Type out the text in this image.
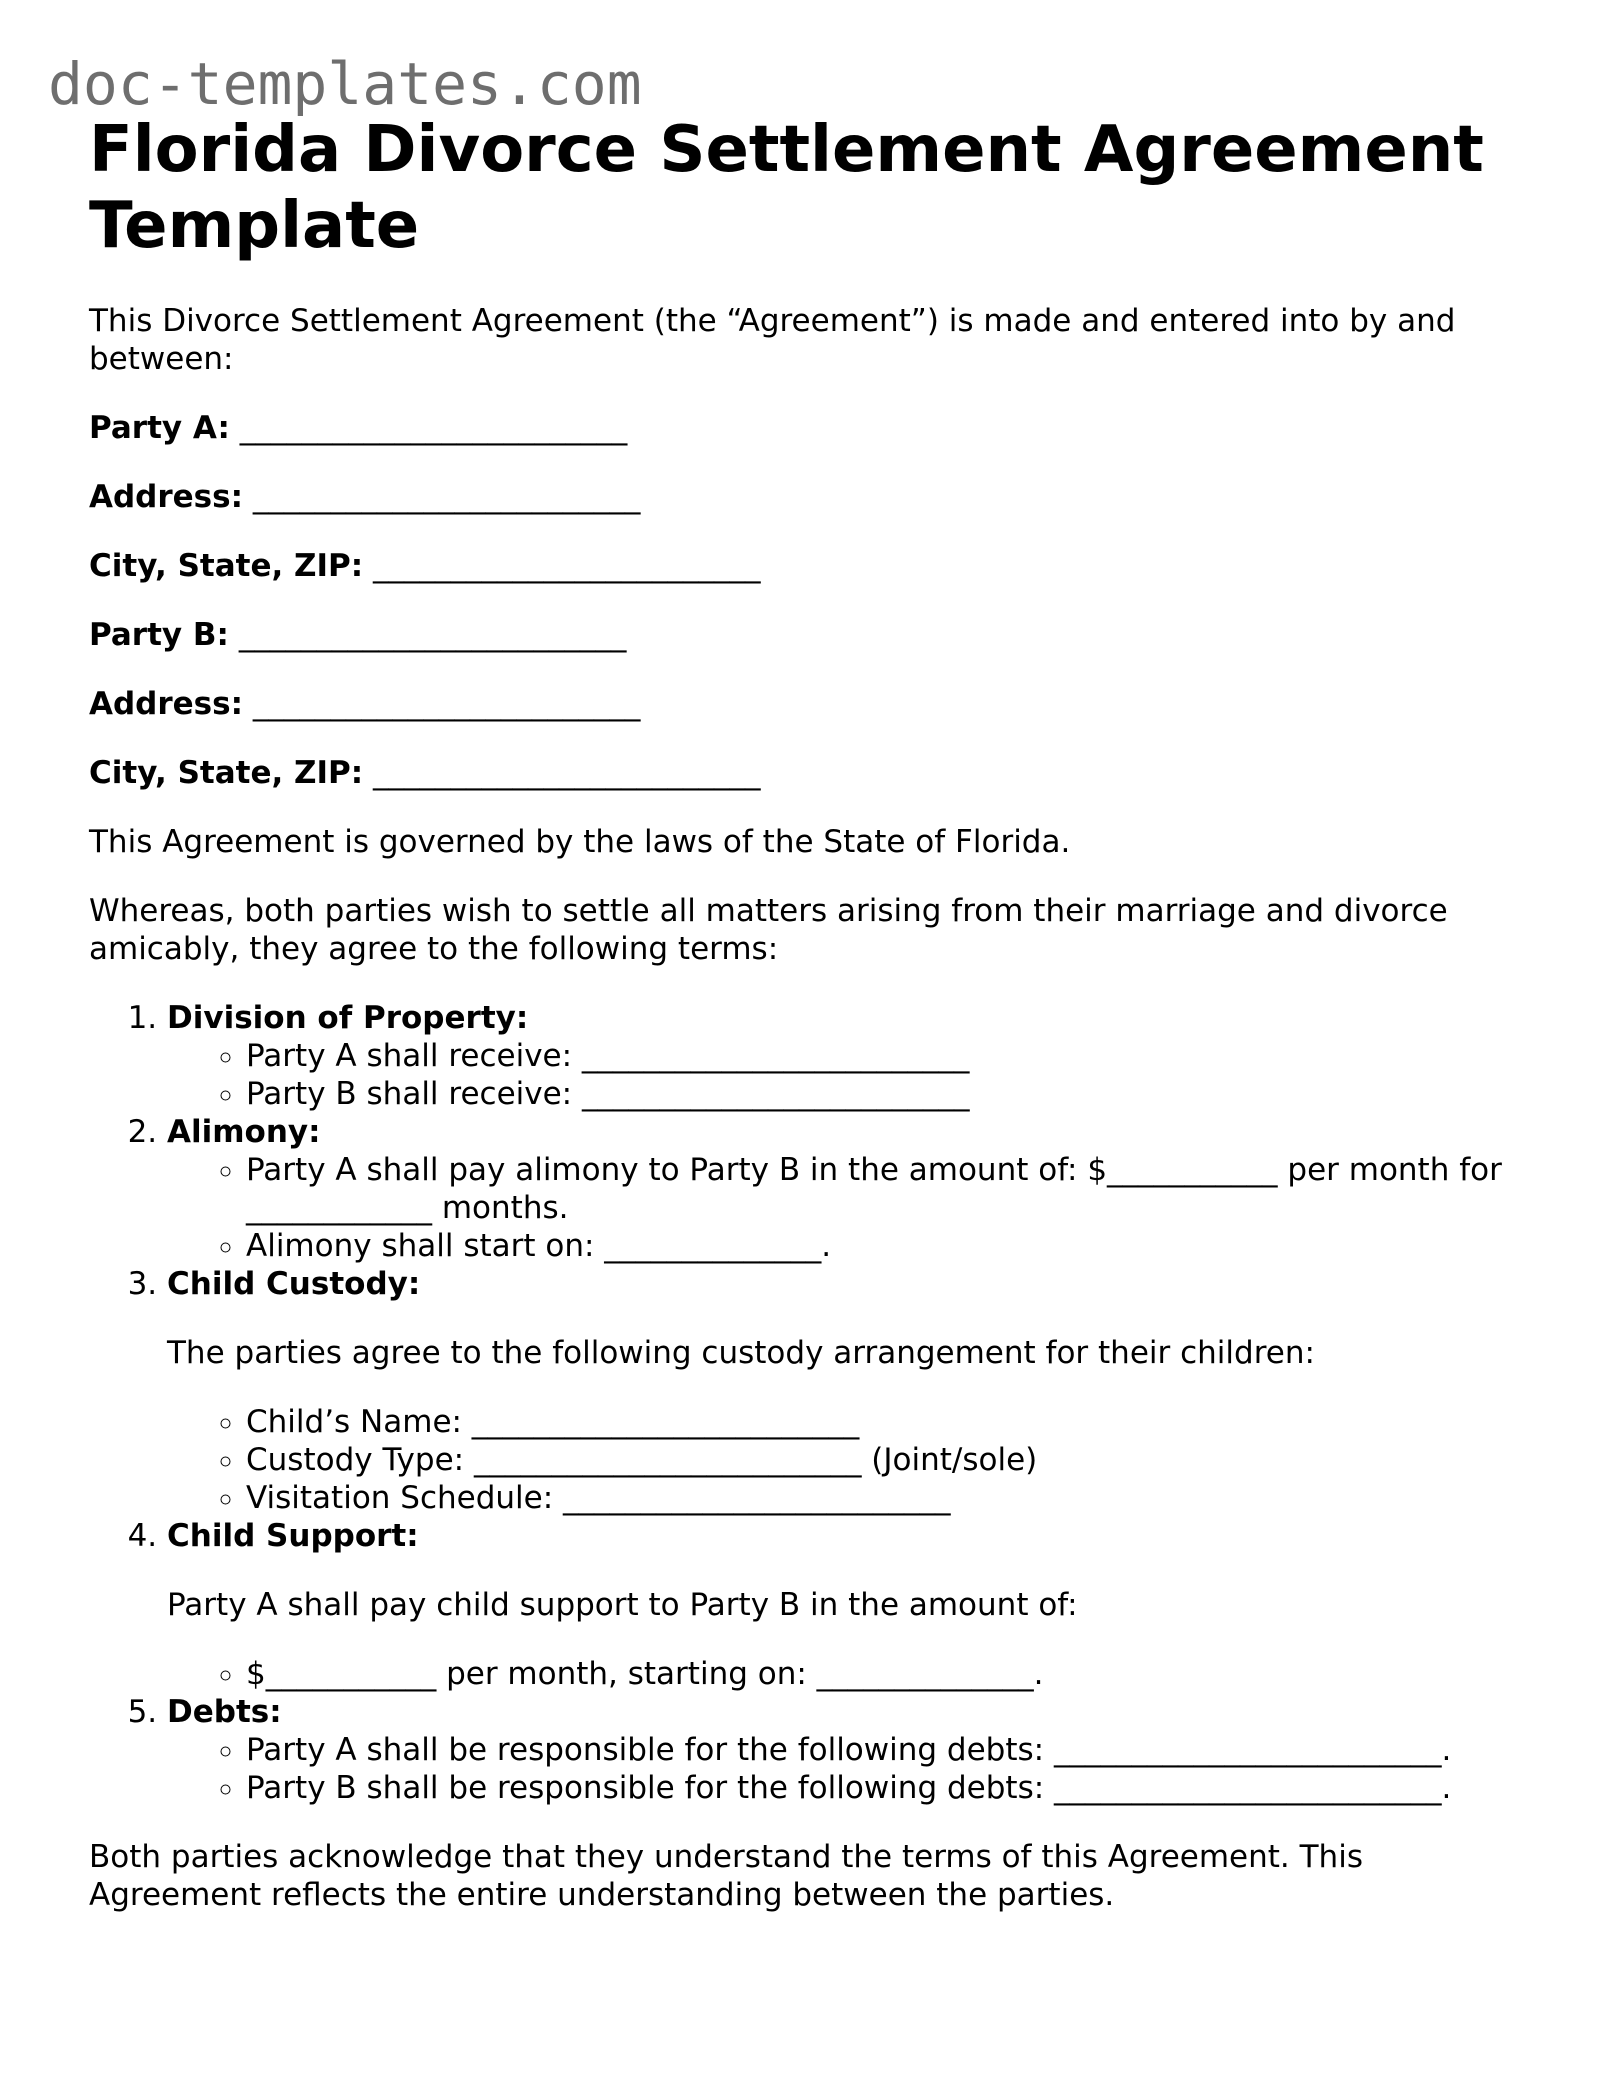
doc-templates.com
Florida Divorce Settlement Agreement Template

This Divorce Settlement Agreement (the “Agreement”) is made and entered into by and between:

Party A: _________________________

Address: _________________________

City, State, ZIP: _________________________

Party B: _________________________

Address: _________________________

City, State, ZIP: _________________________

This Agreement is governed by the laws of the State of Florida.

Whereas, both parties wish to settle all matters arising from their marriage and divorce amicably, they agree to the following terms:

1. Division of Property:
◦ Party A shall receive: _________________________
◦ Party B shall receive: _________________________
2. Alimony:
◦ Party A shall pay alimony to Party B in the amount of: $___________ per month for ____________ months.
◦ Alimony shall start on: ______________.
3. Child Custody:

The parties agree to the following custody arrangement for their children:

◦ Child’s Name: _________________________
◦ Custody Type: _________________________ (Joint/sole)
◦ Visitation Schedule: _________________________
4. Child Support:

Party A shall pay child support to Party B in the amount of:

◦ $___________ per month, starting on: ______________.
5. Debts:
◦ Party A shall be responsible for the following debts: _________________________.
◦ Party B shall be responsible for the following debts: _________________________.

Both parties acknowledge that they understand the terms of this Agreement. This Agreement reflects the entire understanding between the parties.
